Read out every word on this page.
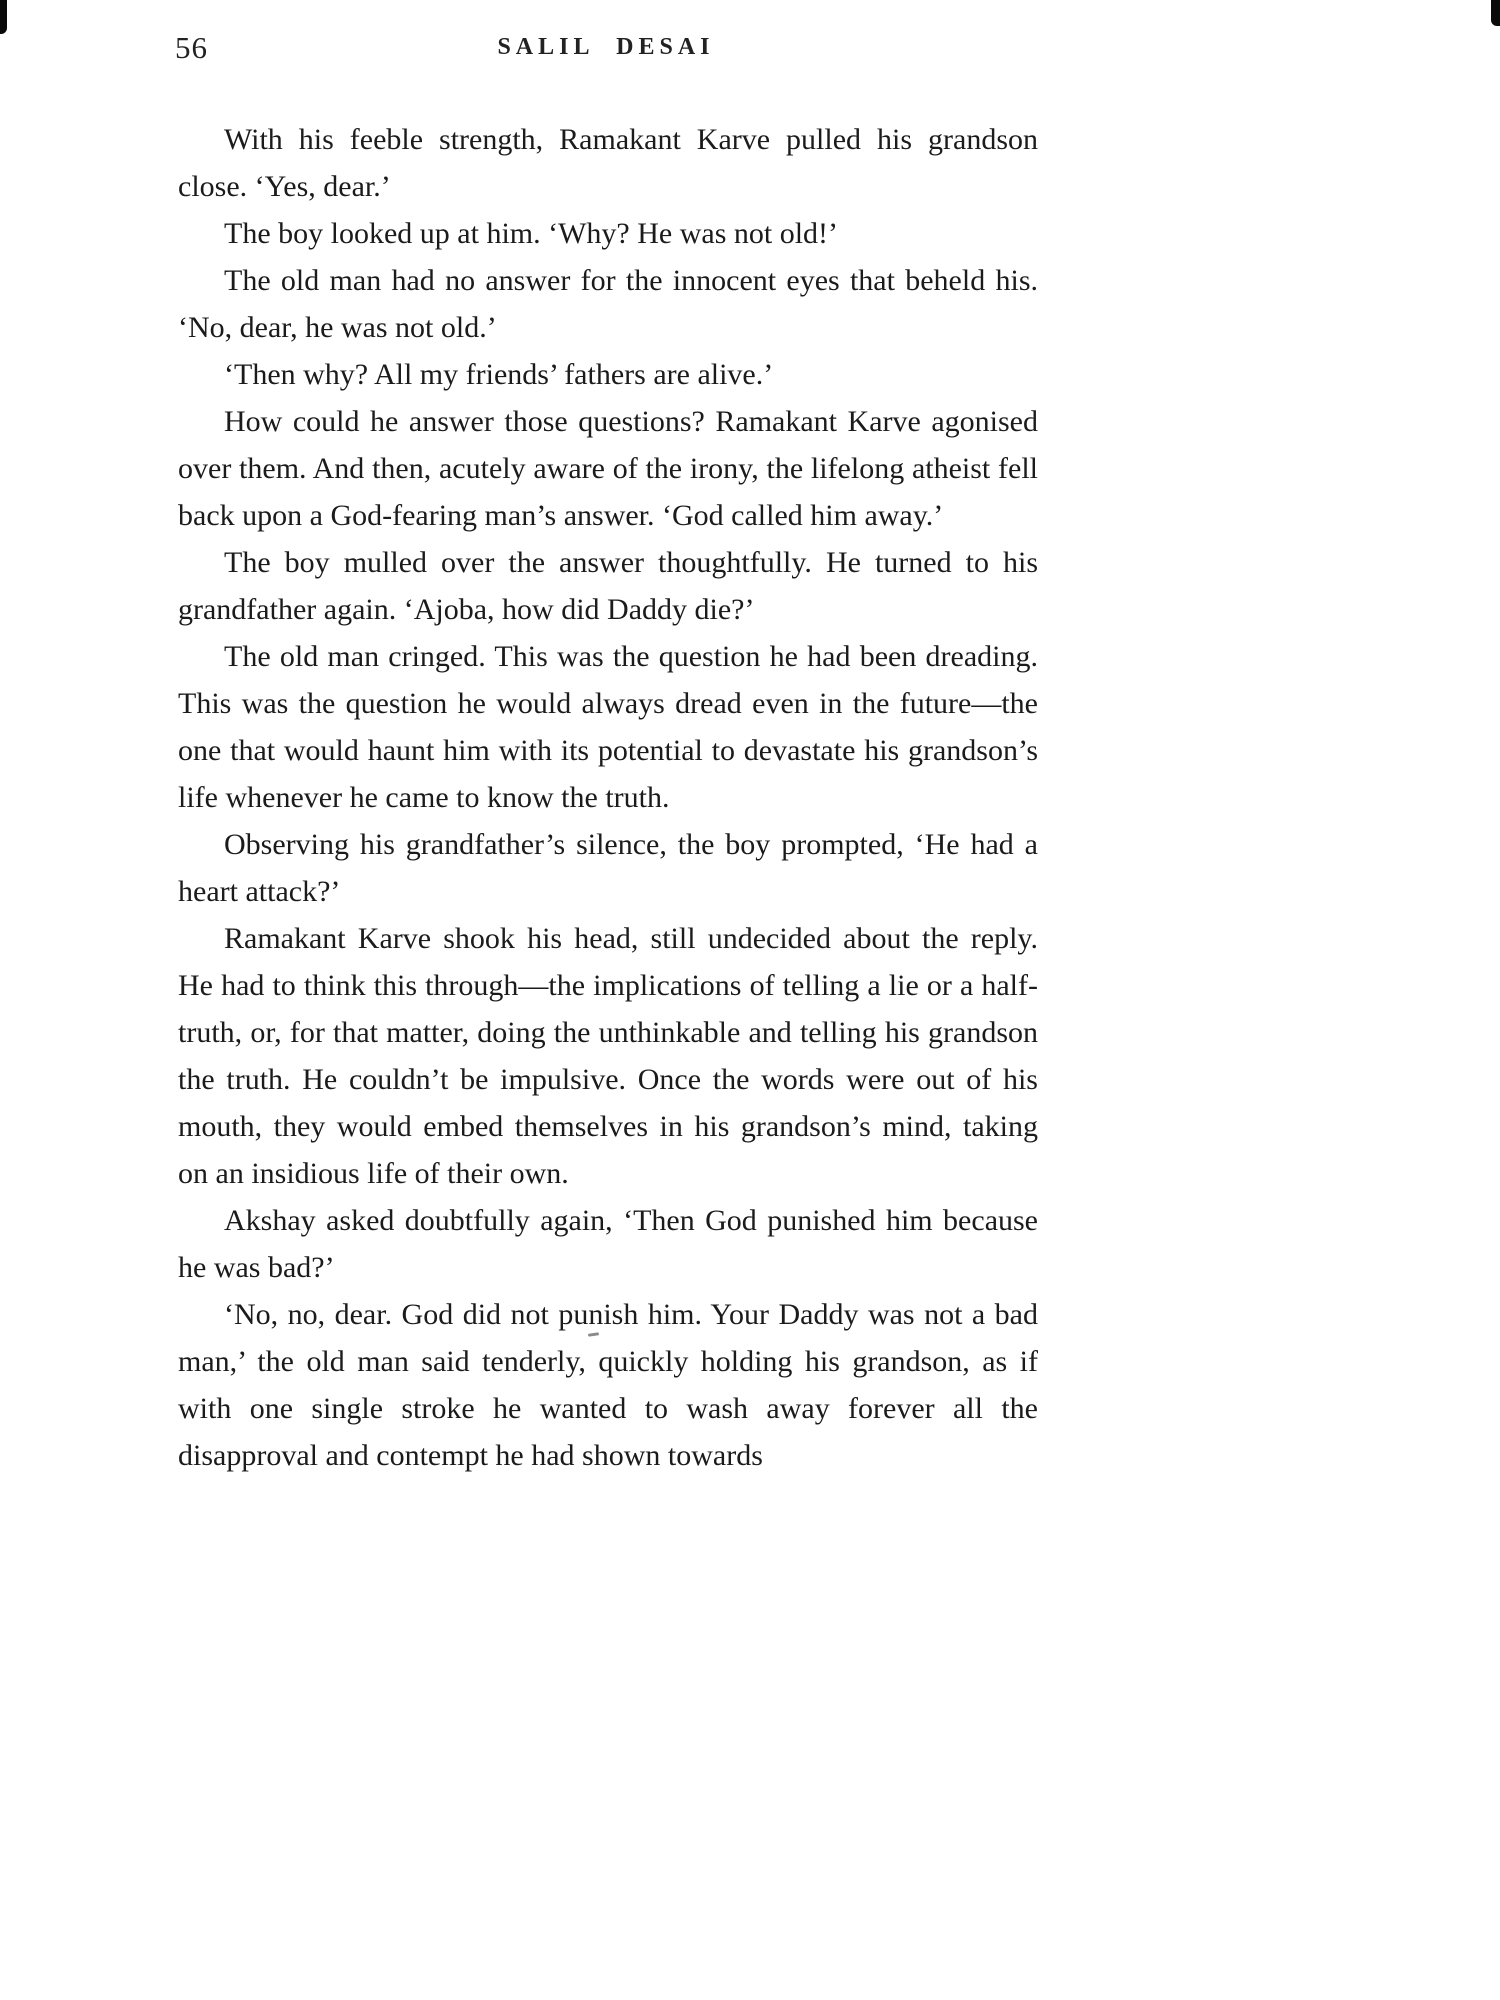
56	SALIL DESAI

With his feeble strength, Ramakant Karve pulled his grandson close. ‘Yes, dear.’

The boy looked up at him. ‘Why? He was not old!’

The old man had no answer for the innocent eyes that beheld his. ‘No, dear, he was not old.’

‘Then why? All my friends’ fathers are alive.’

How could he answer those questions? Ramakant Karve agonised over them. And then, acutely aware of the irony, the lifelong atheist fell back upon a God-fearing man’s answer. ‘God called him away.’

The boy mulled over the answer thoughtfully. He turned to his grandfather again. ‘Ajoba, how did Daddy die?’

The old man cringed. This was the question he had been dreading. This was the question he would always dread even in the future—the one that would haunt him with its potential to devastate his grandson’s life whenever he came to know the truth.

Observing his grandfather’s silence, the boy prompted, ‘He had a heart attack?’

Ramakant Karve shook his head, still undecided about the reply. He had to think this through—the implications of telling a lie or a half-truth, or, for that matter, doing the unthinkable and telling his grandson the truth. He couldn’t be impulsive. Once the words were out of his mouth, they would embed themselves in his grandson’s mind, taking on an insidious life of their own.

Akshay asked doubtfully again, ‘Then God punished him because he was bad?’

‘No, no, dear. God did not punish him. Your Daddy was not a bad man,’ the old man said tenderly, quickly holding his grandson, as if with one single stroke he wanted to wash away forever all the disapproval and contempt he had shown towards
